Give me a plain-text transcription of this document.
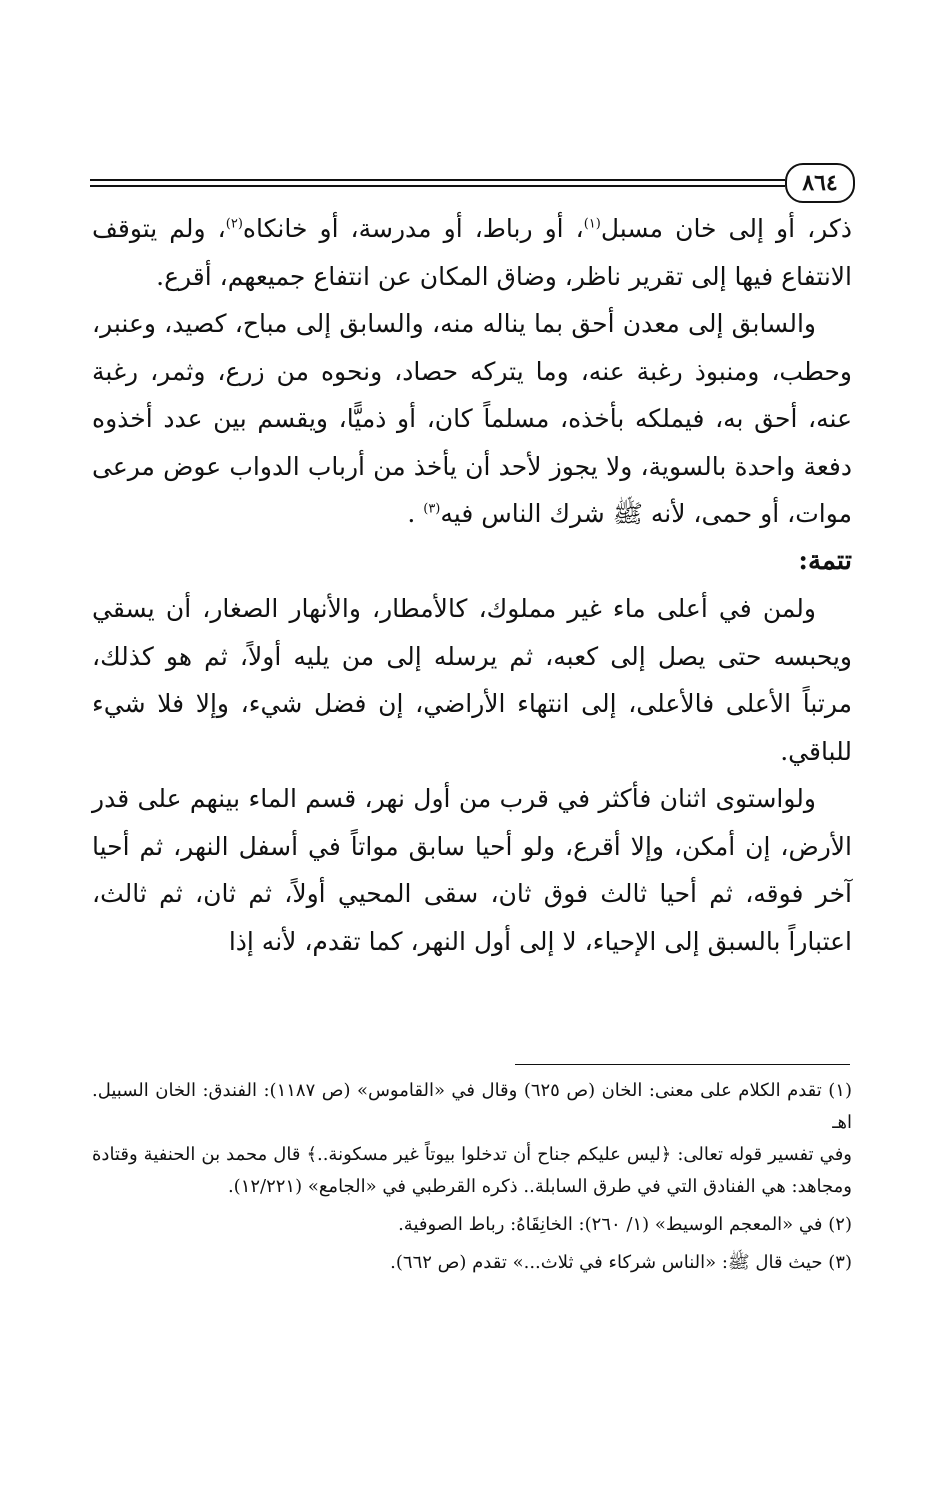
٨٦٤

ذكر، أو إلى خان مسبل$^{(١)}$، أو رباط، أو مدرسة، أو خانكاه$^{(٢)}$، ولم يتوقف الانتفاع فيها إلى تقرير ناظر، وضاق المكان عن انتفاع جميعهم، أقرع.

والسابق إلى معدن أحق بما يناله منه، والسابق إلى مباح، كصيد، وعنبر، وحطب، ومنبوذ رغبة عنه، وما يتركه حصاد، ونحوه من زرع، وثمر، رغبة عنه، أحق به، فيملكه بأخذه، مسلماً كان، أو ذميًّا، ويقسم بين عدد أخذوه دفعة واحدة بالسوية، ولا يجوز لأحد أن يأخذ من أرباب الدواب عوض مرعى موات، أو حمى، لأنه ﷺ شرك الناس فيه$^{(٣)}$ .

تتمة:

ولمن في أعلى ماء غير مملوك، كالأمطار، والأنهار الصغار، أن يسقي ويحبسه حتى يصل إلى كعبه، ثم يرسله إلى من يليه أولاً، ثم هو كذلك، مرتباً الأعلى فالأعلى، إلى انتهاء الأراضي، إن فضل شيء، وإلا فلا شيء للباقي.

ولواستوى اثنان فأكثر في قرب من أول نهر، قسم الماء بينهم على قدر الأرض، إن أمكن، وإلا أقرع، ولو أحيا سابق مواتاً في أسفل النهر، ثم أحيا آخر فوقه، ثم أحيا ثالث فوق ثان، سقى المحيي أولاً، ثم ثان، ثم ثالث، اعتباراً بالسبق إلى الإحياء، لا إلى أول النهر، كما تقدم، لأنه إذا

(١) تقدم الكلام على معنى: الخان (ص ٦٢٥) وقال في «القاموس» (ص ١١٨٧): الفندق: الخان السبيل. اهـ

وفي تفسير قوله تعالى: ﴿ليس عليكم جناح أن تدخلوا بيوتاً غير مسكونة..﴾ قال محمد بن الحنفية وقتادة ومجاهد: هي الفنادق التي في طرق السابلة.. ذكره القرطبي في «الجامع» (١٢/٢٢١).

(٢) في «المعجم الوسيط» (١/ ٢٦٠): الخانِقَاهُ: رباط الصوفية.

(٣) حيث قال ﷺ: «الناس شركاء في ثلاث...» تقدم (ص ٦٦٢).
